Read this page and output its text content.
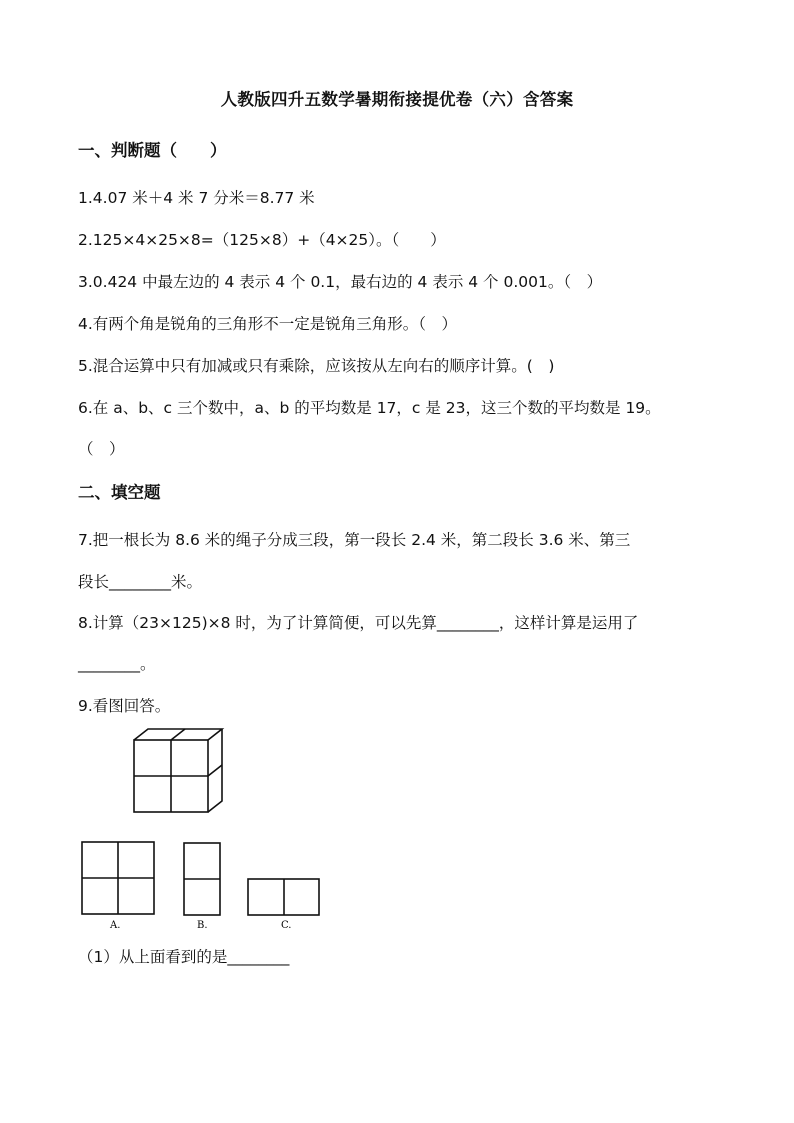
人教版四升五数学暑期衔接提优卷（六）含答案
一、判断题（　　）
1.4.07 米＋4 米 7 分米＝8.77 米
2.125×4×25×8=（125×8）+（4×25）。（　　）
3.0.424 中最左边的 4 表示 4 个 0.1，最右边的 4 表示 4 个 0.001。（　）
4.有两个角是锐角的三角形不一定是锐角三角形。（　）
5.混合运算中只有加减或只有乘除，应该按从左向右的顺序计算。(　)
6.在 a、b、c 三个数中，a、b 的平均数是 17，c 是 23，这三个数的平均数是 19。
（　）
二、填空题
7.把一根长为 8.6 米的绳子分成三段，第一段长 2.4 米，第二段长 3.6 米、第三
段长________米。
8.计算（23×125)×8 时，为了计算简便，可以先算________，这样计算是运用了
________。
9.看图回答。
A.	B.	C.
（1）从上面看到的是________
